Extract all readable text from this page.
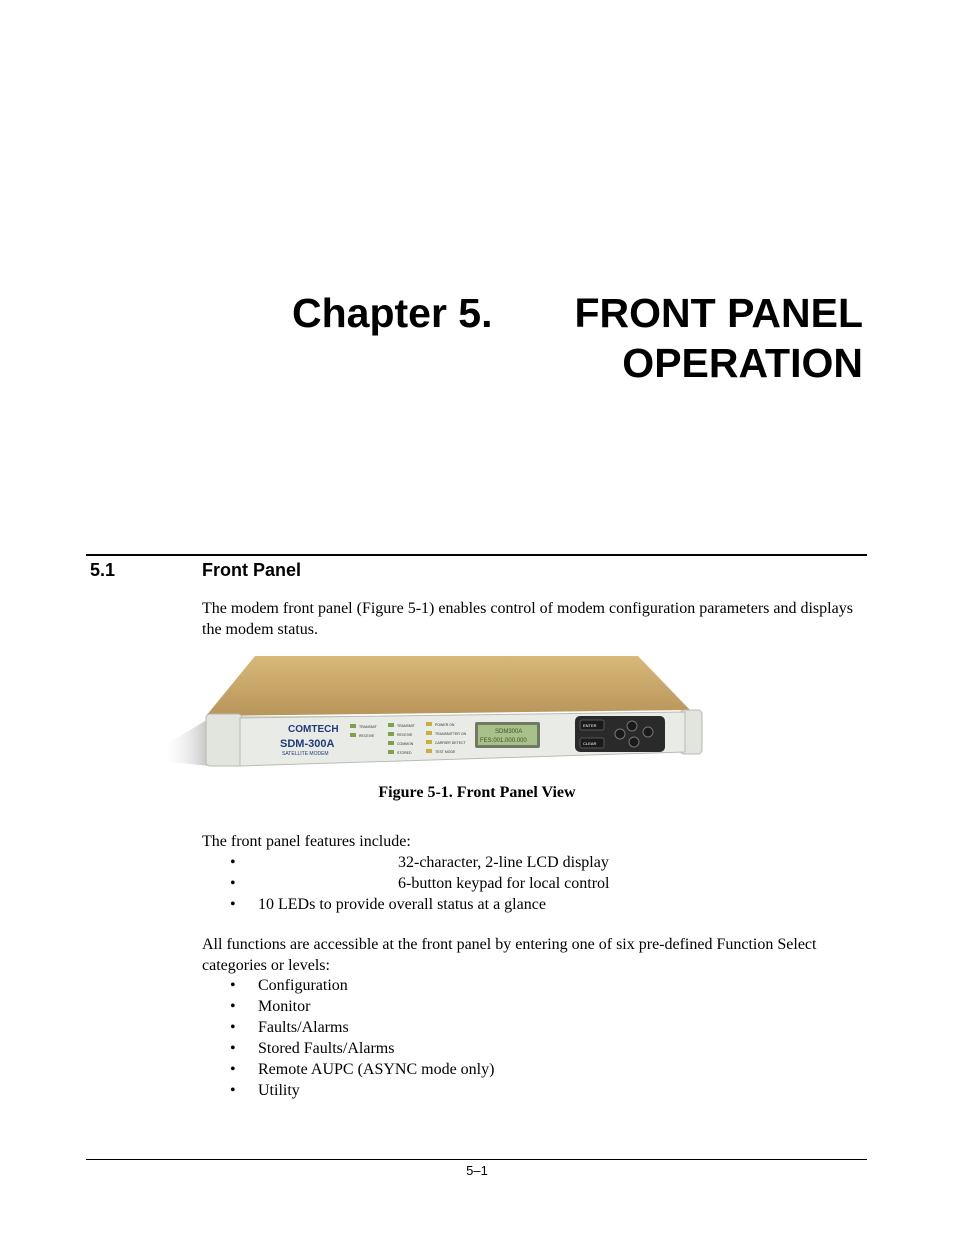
Chapter 5. FRONT PANEL
OPERATION
5.1	Front Panel
The modem front panel (Figure 5-1) enables control of modem configuration parameters and displays the modem status.
COMTECH
SDM-300A
SATELLITE MODEM
TRANSMIT
RECEIVE
TRANSMIT
RECEIVE
COMMON
STORED
POWER ON
TRANSMITTER ON
CARRIER DETECT
TEST MODE
SDM300A
FES:001.000.000
ENTER
CLEAR
Figure 5-1. Front Panel View
The front panel features include:
•	32-character, 2-line LCD display
•	6-button keypad for local control
• 10 LEDs to provide overall status at a glance
All functions are accessible at the front panel by entering one of six pre-defined Function Select categories or levels:
• Configuration
• Monitor
• Faults/Alarms
• Stored Faults/Alarms
• Remote AUPC (ASYNC mode only)
• Utility
5–1
